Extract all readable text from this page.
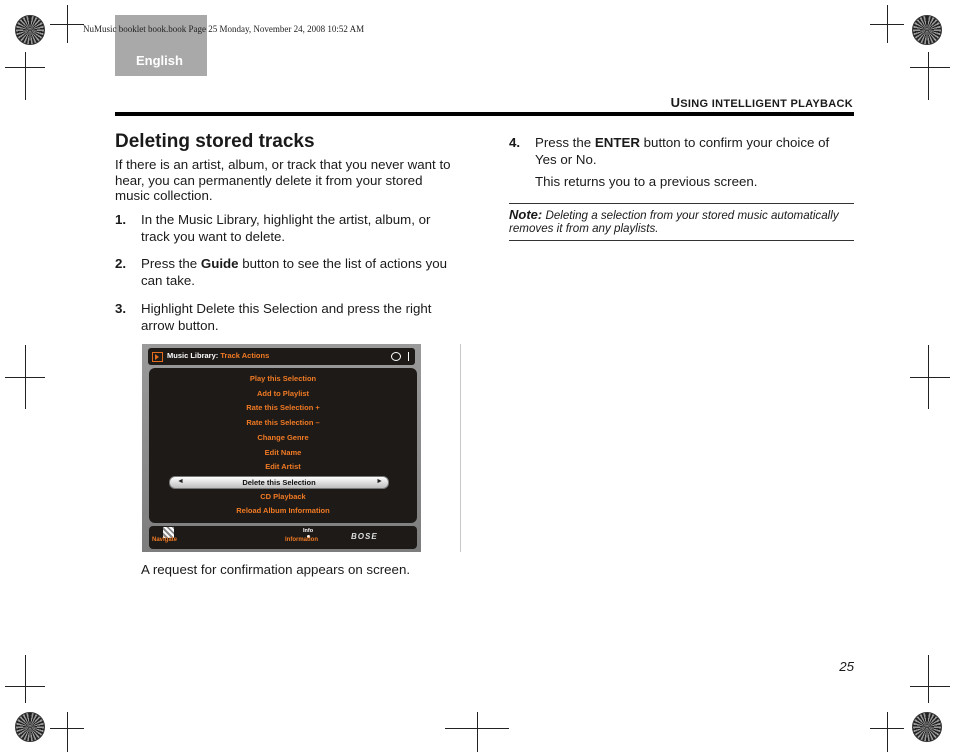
English
NuMusic booklet book.book Page 25 Monday, November 24, 2008 10:52 AM
USING INTELLIGENT PLAYBACK
Deleting stored tracks
If there is an artist, album, or track that you never want to hear, you can permanently delete it from your stored music collection.
1. In the Music Library, highlight the artist, album, or track you want to delete.
2. Press the Guide button to see the list of actions you can take.
3. Highlight Delete this Selection and press the right arrow button.
Music Library: Track Actions
Play this Selection
Add to Playlist
Rate this Selection +
Rate this Selection –
Change Genre
Edit Name
Edit Artist
◄	Delete this Selection	►
CD Playback
Reload Album Information
Navigate
Info
Information	BOSE
A request for confirmation appears on screen.
4. Press the ENTER button to confirm your choice of Yes or No.
This returns you to a previous screen.
Note: Deleting a selection from your stored music automatically removes it from any playlists.
25
